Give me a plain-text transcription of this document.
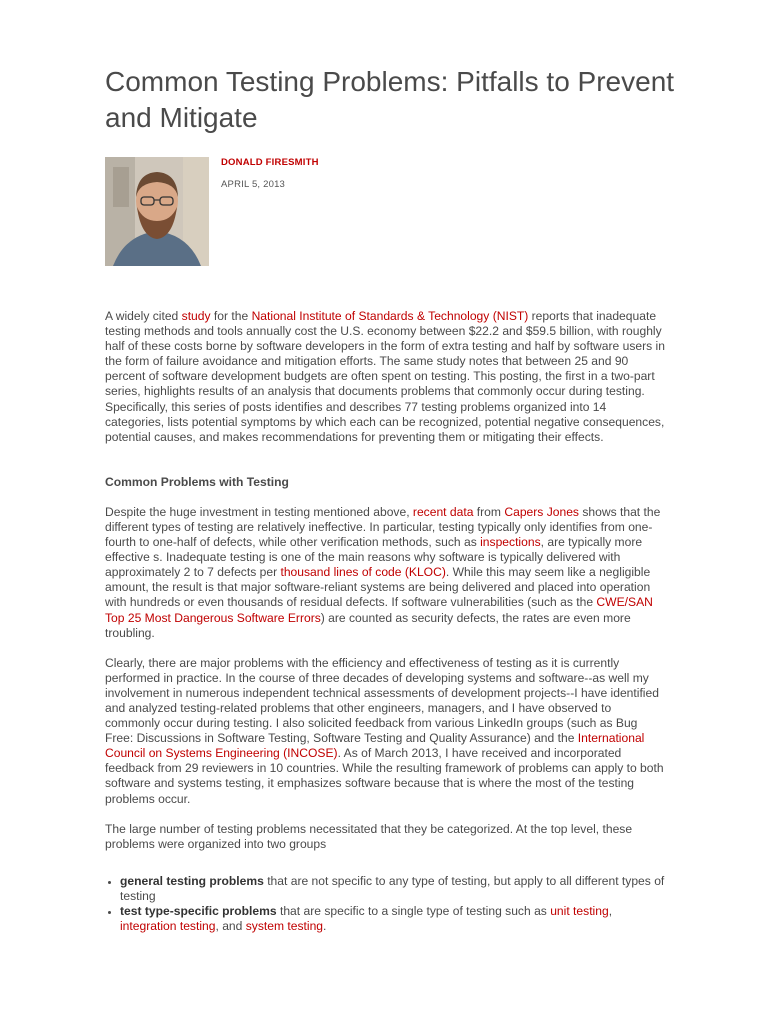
Common Testing Problems: Pitfalls to Prevent and Mitigate
DONALD FIRESMITH
APRIL 5, 2013

A widely cited study for the National Institute of Standards & Technology (NIST) reports that inadequate testing methods and tools annually cost the U.S. economy between $22.2 and $59.5 billion, with roughly half of these costs borne by software developers in the form of extra testing and half by software users in the form of failure avoidance and mitigation efforts. The same study notes that between 25 and 90 percent of software development budgets are often spent on testing. This posting, the first in a two-part series, highlights results of an analysis that documents problems that commonly occur during testing. Specifically, this series of posts identifies and describes 77 testing problems organized into 14 categories, lists potential symptoms by which each can be recognized, potential negative consequences, potential causes, and makes recommendations for preventing them or mitigating their effects.

Common Problems with Testing

Despite the huge investment in testing mentioned above, recent data from Capers Jones shows that the different types of testing are relatively ineffective. In particular, testing typically only identifies from one-fourth to one-half of defects, while other verification methods, such as inspections, are typically more effective s. Inadequate testing is one of the main reasons why software is typically delivered with approximately 2 to 7 defects per thousand lines of code (KLOC). While this may seem like a negligible amount, the result is that major software-reliant systems are being delivered and placed into operation with hundreds or even thousands of residual defects. If software vulnerabilities (such as the CWE/SAN Top 25 Most Dangerous Software Errors) are counted as security defects, the rates are even more troubling.

Clearly, there are major problems with the efficiency and effectiveness of testing as it is currently performed in practice. In the course of three decades of developing systems and software--as well my involvement in numerous independent technical assessments of development projects--I have identified and analyzed testing-related problems that other engineers, managers, and I have observed to commonly occur during testing. I also solicited feedback from various LinkedIn groups (such as Bug Free: Discussions in Software Testing, Software Testing and Quality Assurance) and the International Council on Systems Engineering (INCOSE). As of March 2013, I have received and incorporated feedback from 29 reviewers in 10 countries. While the resulting framework of problems can apply to both software and systems testing, it emphasizes software because that is where the most of the testing problems occur.

The large number of testing problems necessitated that they be categorized. At the top level, these problems were organized into two groups

• general testing problems that are not specific to any type of testing, but apply to all different types of testing
• test type-specific problems that are specific to a single type of testing such as unit testing, integration testing, and system testing.
